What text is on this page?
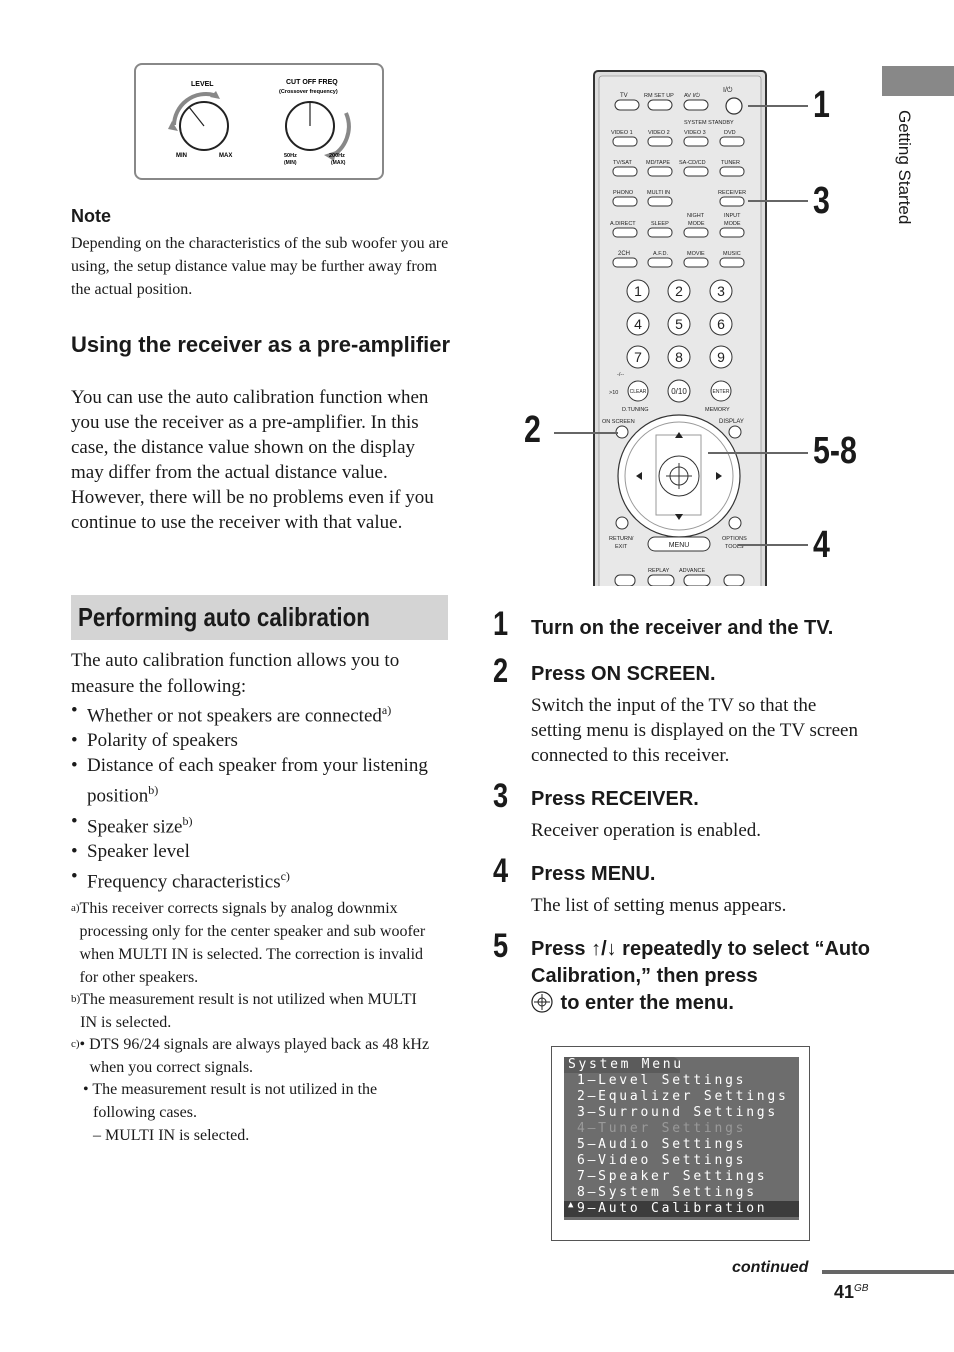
Getting Started
LEVEL
MIN	MAX
CUT OFF FREQ
(Crossover frequency)
50Hz
(MIN)
200Hz
(MAX)
Note
Depending on the characteristics of the sub woofer you are using, the setup distance value may be further away from the actual position.
Using the receiver as a pre-amplifier
You can use the auto calibration function when you use the receiver as a pre-amplifier. In this case, the distance value shown on the display may differ from the actual distance value. However, there will be no problems even if you continue to use the receiver with that value.
Performing auto calibration
The auto calibration function allows you to measure the following:
• Whether or not speakers are connected$^{a)}$
• Polarity of speakers
• Distance of each speaker from your listening position$^{b)}$
• Speaker size$^{b)}$
• Speaker level
• Frequency characteristics$^{c)}$
$^{a)}$This receiver corrects signals by analog downmix processing only for the center speaker and sub woofer when MULTI IN is selected. The correction is invalid for other speakers.
$^{b)}$The measurement result is not utilized when MULTI IN is selected.
$^{c)}$• DTS 96/24 signals are always played back as 48 kHz when you correct signals.
• The measurement result is not utilized in the following cases.
– MULTI IN is selected.
TV	RM SET UP AV I/⏻
I/⏻
SYSTEM STANDBY
VIDEO 1	VIDEO 2	VIDEO 3	DVD
TV/SAT	MD/TAPE SA-CD/CD	TUNER
PHONO	MULTI IN	RECEIVER
A.DIRECT	SLEEP
NIGHT
MODE
INPUT
MODE
2CH	A.F.D.	MOVIE	MUSIC
1 2 3
4 5 6
7 8 9
-/--
>10 CLEAR	0/10	ENTER
D.TUNING	MEMORY
ON SCREEN	DISPLAY
RETURN/
EXIT	MENU
OPTIONS
TOOLS
REPLAY ADVANCE
1
3
2	5-8
4
1 Turn on the receiver and the TV.
2 Press ON SCREEN.
Switch the input of the TV so that the setting menu is displayed on the TV screen connected to this receiver.
3 Press RECEIVER.
Receiver operation is enabled.
4 Press MENU.
The list of setting menus appears.
5 Press ↑/↓ repeatedly to select “Auto Calibration,” then press
to enter the menu.
System Menu
▲
1–Level Settings
2–Equalizer Settings
3–Surround Settings
4–Tuner Settings
5–Audio Settings
6–Video Settings
7–Speaker Settings
8–System Settings
9–Auto Calibration
continued
$41^{GB}$
